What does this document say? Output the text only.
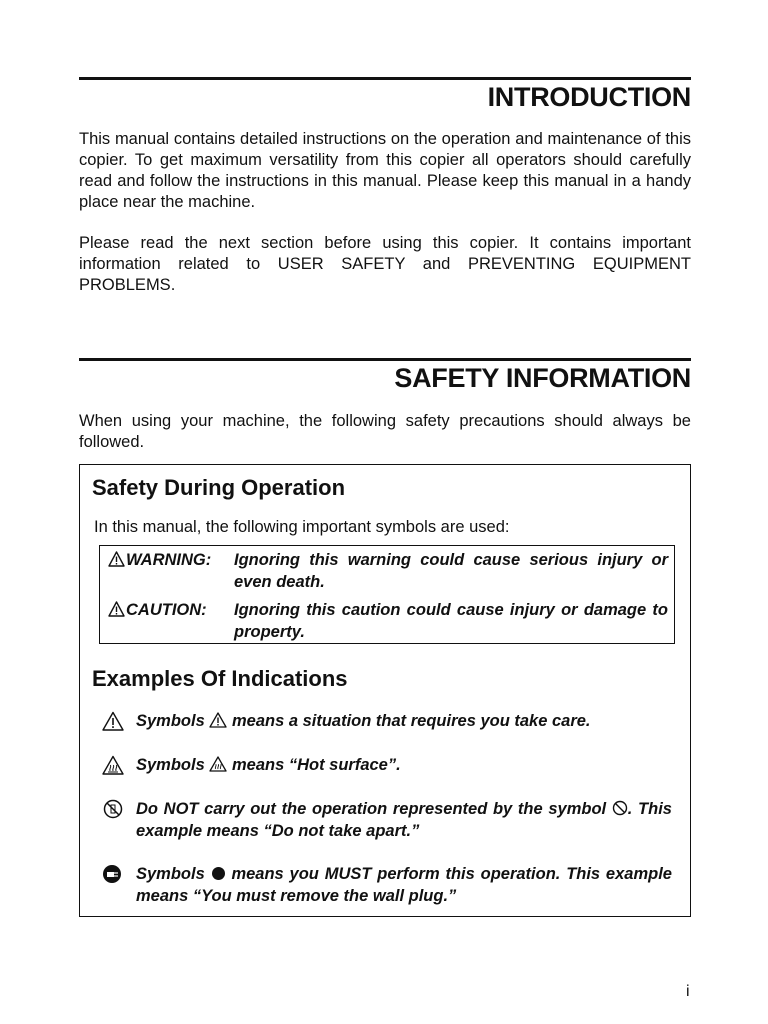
INTRODUCTION

This manual contains detailed instructions on the operation and maintenance of this copier. To get maximum versatility from this copier all operators should carefully read and follow the instructions in this manual. Please keep this manual in a handy place near the machine.

Please read the next section before using this copier. It contains important information related to USER SAFETY and PREVENTING EQUIPMENT PROBLEMS.

SAFETY INFORMATION

When using your machine, the following safety precautions should always be followed.

Safety During Operation

In this manual, the following important symbols are used:

WARNING: Ignoring this warning could cause serious injury or even death.
CAUTION: Ignoring this caution could cause injury or damage to property.
Examples Of Indications
Symbols means a situation that requires you take care.
Symbols means “Hot surface”.
Do NOT carry out the operation represented by the symbol . This example means “Do not take apart.”
Symbols means you MUST perform this operation. This example means “You must remove the wall plug.”
i
